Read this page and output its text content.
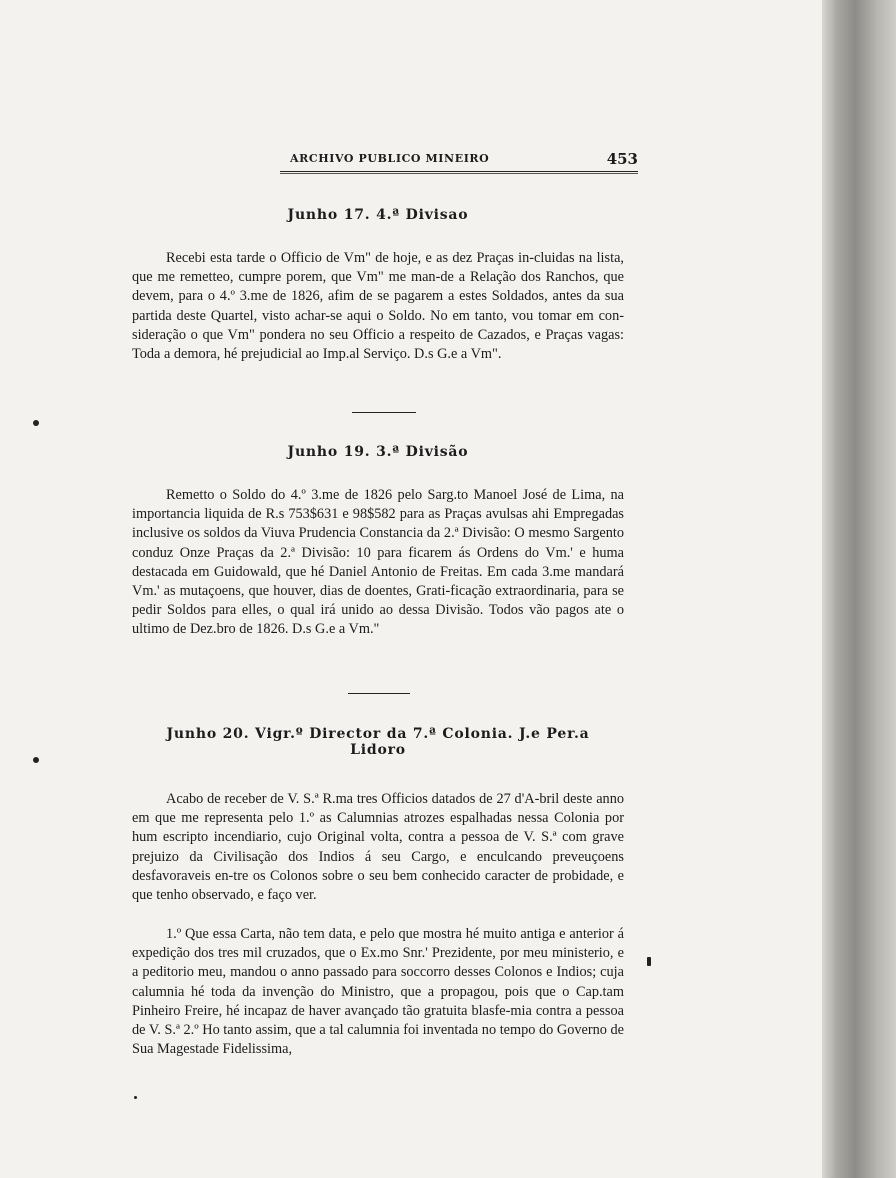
ARCHIVO PUBLICO MINEIRO	453
Junho 17. 4.ª Divisao

Recebi esta tarde o Officio de Vm" de hoje, e as dez Praças in-cluidas na lista, que me remetteo, cumpre porem, que Vm" me man-de a Relação dos Ranchos, que devem, para o 4.º 3.me de 1826, afim de se pagarem a estes Soldados, antes da sua partida deste Quartel, visto achar-se aqui o Soldo. No em tanto, vou tomar em con-sideração o que Vm" pondera no seu Officio a respeito de Cazados, e Praças vagas: Toda a demora, hé prejudicial ao Imp.al Serviço. D.s G.e a Vm".

Junho 19. 3.ª Divisão

Remetto o Soldo do 4.º 3.me de 1826 pelo Sarg.to Manoel José de Lima, na importancia liquida de R.s 753$631 e 98$582 para as Praças avulsas ahi Empregadas inclusive os soldos da Viuva Prudencia Constancia da 2.ª Divisão: O mesmo Sargento conduz Onze Praças da 2.ª Divisão: 10 para ficarem ás Ordens do Vm.' e huma destacada em Guidowald, que hé Daniel Antonio de Freitas. Em cada 3.me mandará Vm.' as mutaçoens, que houver, dias de doentes, Grati-ficação extraordinaria, para se pedir Soldos para elles, o qual irá unido ao dessa Divisão. Todos vão pagos ate o ultimo de Dez.bro de 1826. D.s G.e a Vm."

Junho 20. Vigr.º Director da 7.ª Colonia. J.e Per.a
Lidoro

Acabo de receber de V. S.ª R.ma tres Officios datados de 27 d'A-bril deste anno em que me representa pelo 1.º as Calumnias atrozes espalhadas nessa Colonia por hum escripto incendiario, cujo Original volta, contra a pessoa de V. S.ª com grave prejuizo da Civilisação dos Indios á seu Cargo, e enculcando preveuçoens desfavoraveis en-tre os Colonos sobre o seu bem conhecido caracter de probidade, e que tenho observado, e faço ver.

1.º Que essa Carta, não tem data, e pelo que mostra hé muito antiga e anterior á expedição dos tres mil cruzados, que o Ex.mo Snr.' Prezidente, por meu ministerio, e a peditorio meu, mandou o anno passado para soccorro desses Colonos e Indios; cuja calumnia hé toda da invenção do Ministro, que a propagou, pois que o Cap.tam Pinheiro Freire, hé incapaz de haver avançado tão gratuita blasfe-mia contra a pessoa de V. S.ª 2.º Ho tanto assim, que a tal calumnia foi inventada no tempo do Governo de Sua Magestade Fidelissima,
